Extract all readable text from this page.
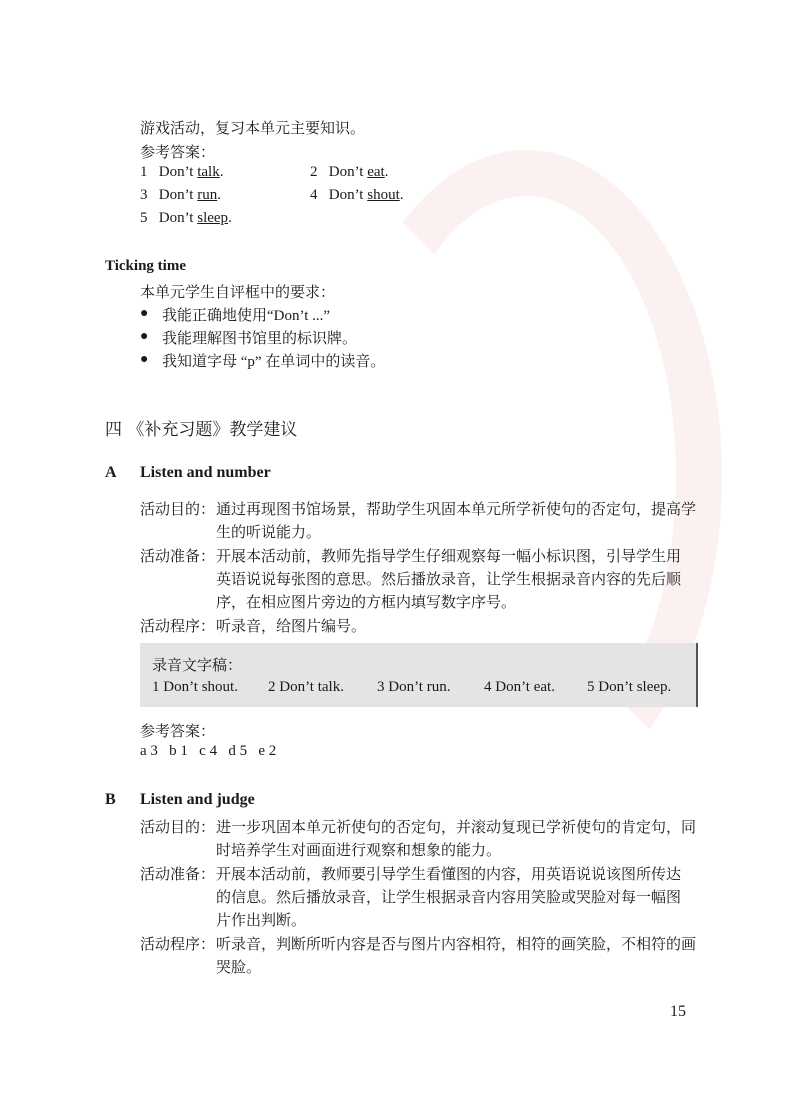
游戏活动，复习本单元主要知识。
参考答案：
1 Don’t talk.	2 Don’t eat.
3 Don’t run.	4 Don’t shout.
5 Don’t sleep.
Ticking time
本单元学生自评框中的要求：
● 我能正确地使用“Don’t ...”
● 我能理解图书馆里的标识牌。
● 我知道字母 “p” 在单词中的读音。
四 《补充习题》教学建议
A Listen and number
活动目的：通过再现图书馆场景，帮助学生巩固本单元所学祈使句的否定句，提高学
生的听说能力。
活动准备：开展本活动前，教师先指导学生仔细观察每一幅小标识图，引导学生用
英语说说每张图的意思。然后播放录音，让学生根据录音内容的先后顺
序，在相应图片旁边的方框内填写数字序号。
活动程序：听录音，给图片编号。
录音文字稿：
1 Don’t shout. 2 Don’t talk. 3 Don’t run. 4 Don’t eat. 5 Don’t sleep.
参考答案：
a 3   b 1   c 4   d 5   e 2
B Listen and judge
活动目的：进一步巩固本单元祈使句的否定句，并滚动复现已学祈使句的肯定句，同
时培养学生对画面进行观察和想象的能力。
活动准备：开展本活动前，教师要引导学生看懂图的内容，用英语说说该图所传达
的信息。然后播放录音，让学生根据录音内容用笑脸或哭脸对每一幅图
片作出判断。
活动程序：听录音，判断所听内容是否与图片内容相符，相符的画笑脸，不相符的画
哭脸。
15
